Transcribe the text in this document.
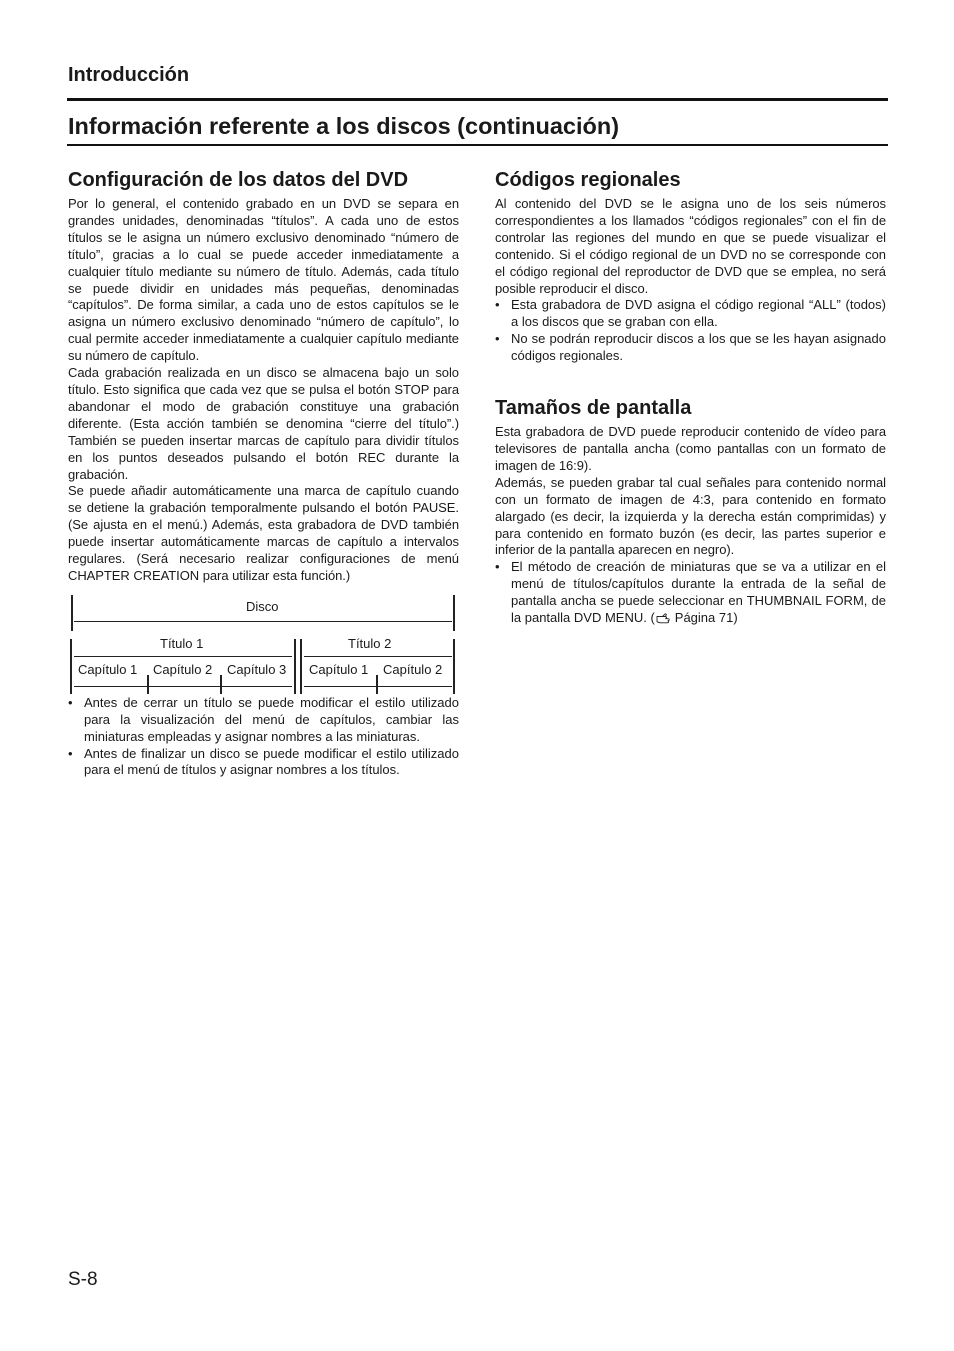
Introducción
Información referente a los discos (continuación)
Configuración de los datos del DVD

Por lo general, el contenido grabado en un DVD se separa en grandes unidades, denominadas “títulos”. A cada uno de estos títulos se le asigna un número exclusivo denominado “número de título”, gracias a lo cual se puede acceder inmediatamente a cualquier título mediante su número de título. Además, cada título se puede dividir en unidades más pequeñas, denominadas “capítulos”. De forma similar, a cada uno de estos capítulos se le asigna un número exclusivo denominado “número de capítulo”, lo cual permite acceder inmediatamente a cualquier capítulo mediante su número de capítulo.

Cada grabación realizada en un disco se almacena bajo un solo título. Esto significa que cada vez que se pulsa el botón STOP para abandonar el modo de grabación constituye una grabación diferente. (Esta acción también se denomina “cierre del título”.) También se pueden insertar marcas de capítulo para dividir títulos en los puntos deseados pulsando el botón REC durante la grabación.

Se puede añadir automáticamente una marca de capítulo cuando se detiene la grabación temporalmente pulsando el botón PAUSE. (Se ajusta en el menú.) Además, esta grabadora de DVD también puede insertar automáticamente marcas de capítulo a intervalos regulares. (Será necesario realizar configuraciones de menú CHAPTER CREATION para utilizar esta función.)

Disco
Título 1	Título 2
Capítulo 1 Capítulo 2 Capítulo 3 Capítulo 1 Capítulo 2
• Antes de cerrar un título se puede modificar el estilo utilizado para la visualización del menú de capítulos, cambiar las miniaturas empleadas y asignar nombres a las miniaturas.
• Antes de finalizar un disco se puede modificar el estilo utilizado para el menú de títulos y asignar nombres a los títulos.
Códigos regionales

Al contenido del DVD se le asigna uno de los seis números correspondientes a los llamados “códigos regionales” con el fin de controlar las regiones del mundo en que se puede visualizar el contenido. Si el código regional de un DVD no se corresponde con el código regional del reproductor de DVD que se emplea, no será posible reproducir el disco.

• Esta grabadora de DVD asigna el código regional “ALL” (todos) a los discos que se graban con ella.
• No se podrán reproducir discos a los que se les hayan asignado códigos regionales.
Tamaños de pantalla

Esta grabadora de DVD puede reproducir contenido de vídeo para televisores de pantalla ancha (como pantallas con un formato de imagen de 16:9).

Además, se pueden grabar tal cual señales para contenido normal con un formato de imagen de 4:3, para contenido en formato alargado (es decir, la izquierda y la derecha están comprimidas) y para contenido en formato buzón (es decir, las partes superior e inferior de la pantalla aparecen en negro).

• El método de creación de miniaturas que se va a utilizar en el menú de títulos/capítulos durante la entrada de la señal de pantalla ancha se puede seleccionar en THUMBNAIL FORM, de la pantalla DVD MENU. ( Página 71)
S-8
